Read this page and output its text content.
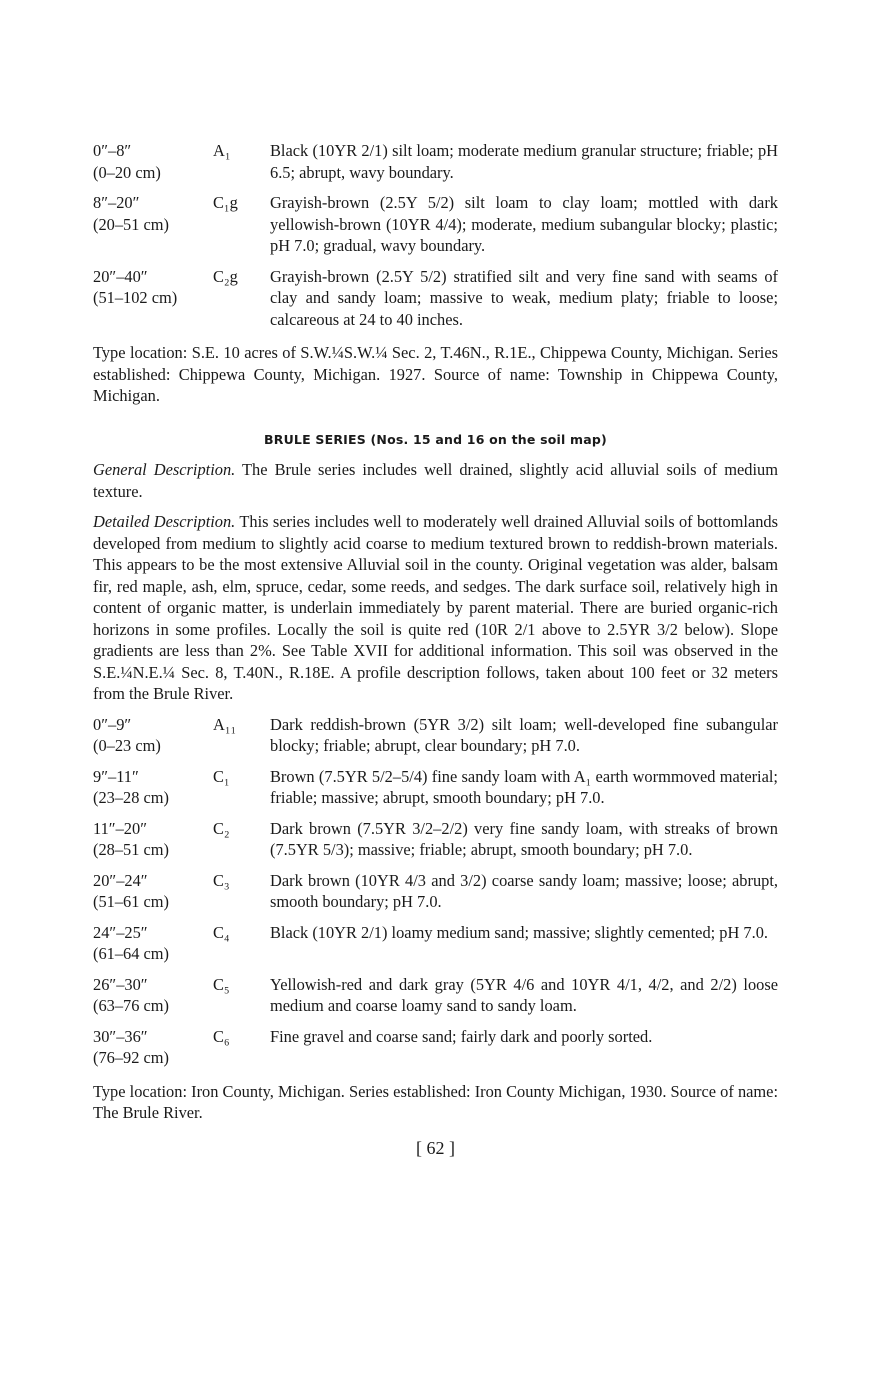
0″–8″
(0–20 cm)
A₁	Black (10YR 2/1) silt loam; moderate medium granular structure; friable; pH 6.5; abrupt, wavy boundary.
8″–20″
(20–51 cm)
C₁g	Grayish-brown (2.5Y 5/2) silt loam to clay loam; mottled with dark yellowish-brown (10YR 4/4); moderate, medium subangular blocky; plastic; pH 7.0; gradual, wavy boundary.
20″–40″
(51–102 cm)
C₂g	Grayish-brown (2.5Y 5/2) stratified silt and very fine sand with seams of clay and sandy loam; massive to weak, medium platy; friable to loose; calcareous at 24 to 40 inches.

Type location: S.E. 10 acres of S.W.¼S.W.¼ Sec. 2, T.46N., R.1E., Chippewa County, Michigan. Series established: Chippewa County, Michigan. 1927. Source of name: Township in Chippewa County, Michigan.

BRULE SERIES (Nos. 15 and 16 on the soil map)

General Description. The Brule series includes well drained, slightly acid alluvial soils of medium texture.

Detailed Description. This series includes well to moderately well drained Alluvial soils of bottomlands developed from medium to slightly acid coarse to medium textured brown to reddish-brown materials. This appears to be the most extensive Alluvial soil in the county. Original vegetation was alder, balsam fir, red maple, ash, elm, spruce, cedar, some reeds, and sedges. The dark surface soil, relatively high in content of organic matter, is underlain immediately by parent material. There are buried organic-rich horizons in some profiles. Locally the soil is quite red (10R 2/1 above to 2.5YR 3/2 below). Slope gradients are less than 2%. See Table XVII for additional information. This soil was observed in the S.E.¼N.E.¼ Sec. 8, T.40N., R.18E. A profile description follows, taken about 100 feet or 32 meters from the Brule River.

0″–9″
(0–23 cm)
A₁₁	Dark reddish-brown (5YR 3/2) silt loam; well-developed fine subangular blocky; friable; abrupt, clear boundary; pH 7.0.
9″–11″
(23–28 cm)
C₁	Brown (7.5YR 5/2–5/4) fine sandy loam with A₁ earth wormmoved material; friable; massive; abrupt, smooth boundary; pH 7.0.
11″–20″
(28–51 cm)
C₂	Dark brown (7.5YR 3/2–2/2) very fine sandy loam, with streaks of brown (7.5YR 5/3); massive; friable; abrupt, smooth boundary; pH 7.0.
20″–24″
(51–61 cm)
C₃	Dark brown (10YR 4/3 and 3/2) coarse sandy loam; massive; loose; abrupt, smooth boundary; pH 7.0.
24″–25″
(61–64 cm)
C₄	Black (10YR 2/1) loamy medium sand; massive; slightly cemented; pH 7.0.
26″–30″
(63–76 cm)
C₅	Yellowish-red and dark gray (5YR 4/6 and 10YR 4/1, 4/2, and 2/2) loose medium and coarse loamy sand to sandy loam.
30″–36″
(76–92 cm)
C₆	Fine gravel and coarse sand; fairly dark and poorly sorted.

Type location: Iron County, Michigan. Series established: Iron County Michigan, 1930. Source of name: The Brule River.

[ 62 ]
